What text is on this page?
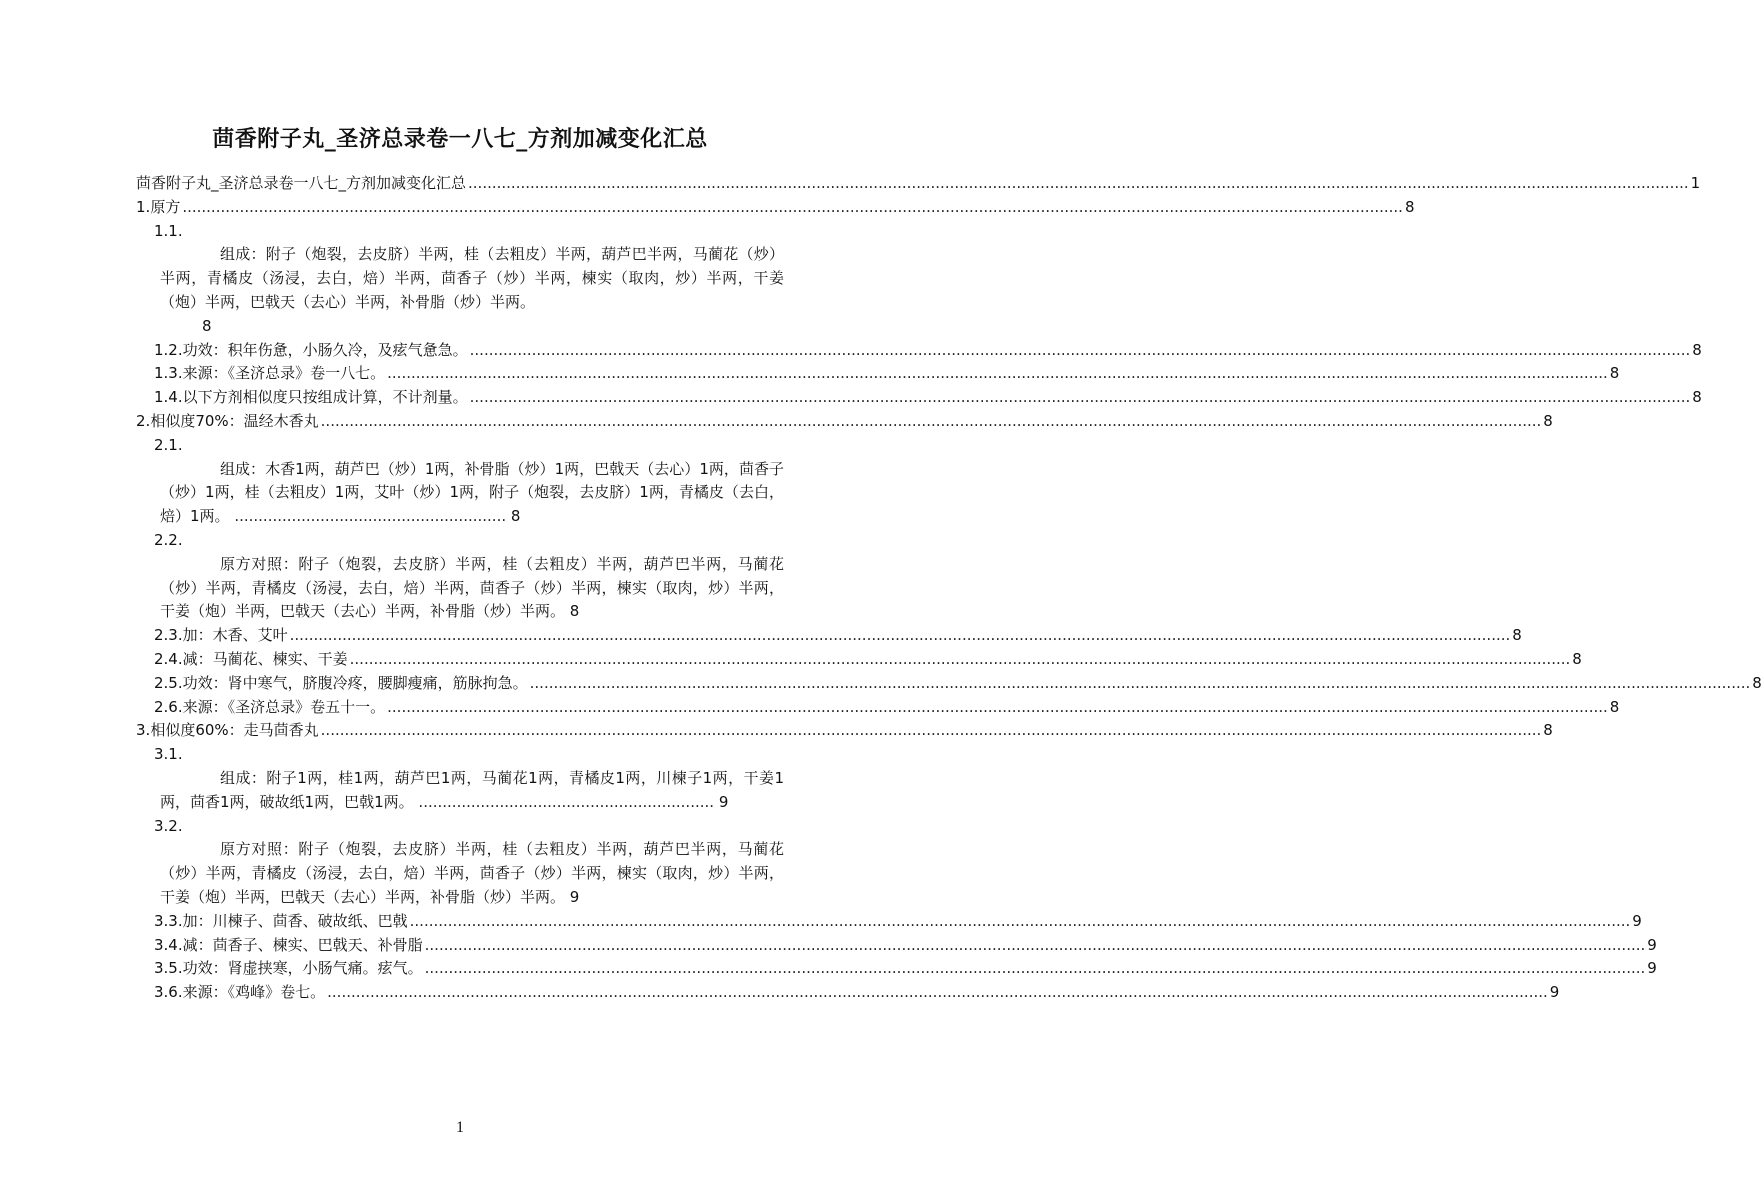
茴香附子丸_圣济总录卷一八七_方剂加减变化汇总
茴香附子丸_圣济总录卷一八七_方剂加减变化汇总 .....	1
1. 原方 .....	8
1.1.
组成：附子（炮裂，去皮脐）半两，桂（去粗皮）半两，葫芦巴半两，马蔺花（炒）半两，青橘皮（汤浸，去白，焙）半两，茴香子（炒）半两，楝实（取肉，炒）半两，干姜（炮）半两，巴戟天（去心）半两，补骨脂（炒）半两。
8
1.2. 功效：积年伤惫，小肠久冷，及痃气惫急。 .....	8
1.3. 来源：《圣济总录》卷一八七。 .....	8
1.4. 以下方剂相似度只按组成计算，不计剂量。 .....	8
2. 相似度70%：温经木香丸 .....	8
2.1.
组成：木香1两，葫芦巴（炒）1两，补骨脂（炒）1两，巴戟天（去心）1两，茴香子（炒）1两，桂（去粗皮）1两，艾叶（炒）1两，附子（炮裂，去皮脐）1两，青橘皮（去白，焙）1两。 ......................................................... 8
2.2.
原方对照：附子（炮裂，去皮脐）半两，桂（去粗皮）半两，葫芦巴半两，马蔺花（炒）半两，青橘皮（汤浸，去白，焙）半两，茴香子（炒）半两，楝实（取肉，炒）半两，干姜（炮）半两，巴戟天（去心）半两，补骨脂（炒）半两。 8
2.3. 加：木香、艾叶 .....	8
2.4. 减：马蔺花、楝实、干姜 .....	8
2.5. 功效：肾中寒气，脐腹冷疼，腰脚瘦痛，筋脉拘急。 .....	8
2.6. 来源：《圣济总录》卷五十一。 .....	8
3. 相似度60%：走马茴香丸 .....	8
3.1.
组成：附子1两，桂1两，葫芦巴1两，马蔺花1两，青橘皮1两，川楝子1两，干姜1两，茴香1两，破故纸1两，巴戟1两。 .............................................................. 9
3.2.
原方对照：附子（炮裂，去皮脐）半两，桂（去粗皮）半两，葫芦巴半两，马蔺花（炒）半两，青橘皮（汤浸，去白，焙）半两，茴香子（炒）半两，楝实（取肉，炒）半两，干姜（炮）半两，巴戟天（去心）半两，补骨脂（炒）半两。 9
3.3. 加：川楝子、茴香、破故纸、巴戟 .....	9
3.4. 减：茴香子、楝实、巴戟天、补骨脂 .....	9
3.5. 功效：肾虚挟寒，小肠气痛。痃气。 .....	9
3.6. 来源：《鸡峰》卷七。 .....	9
1
